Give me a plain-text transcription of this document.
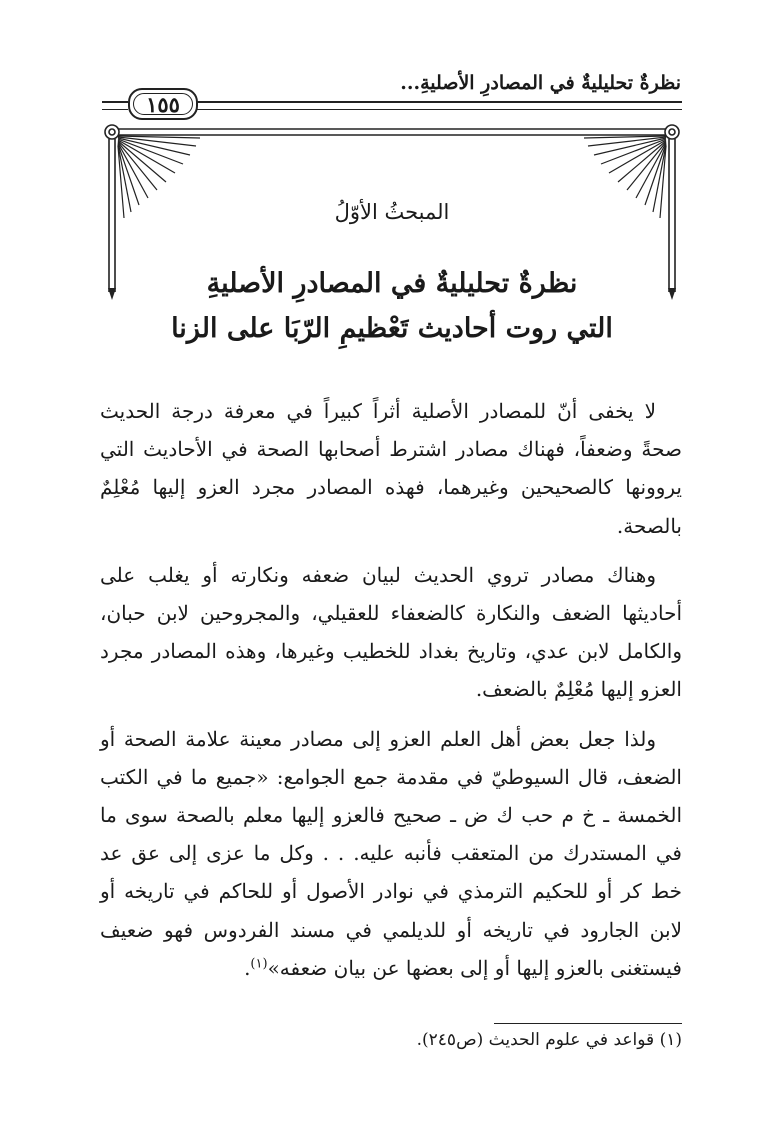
نظرةٌ تحليليةٌ في المصادرِ الأصليةِ...
١٥٥
المبحثُ الأوّلُ
نظرةٌ تحليليةٌ في المصادرِ الأصليةِ
التي روت أحاديث تَعْظيمِ الرّبَا على الزنا

لا يخفى أنّ للمصادر الأصلية أثراً كبيراً في معرفة درجة الحديث صحةً وضعفاً، فهناك مصادر اشترط أصحابها الصحة في الأحاديث التي يروونها كالصحيحين وغيرهما، فهذه المصادر مجرد العزو إليها مُعْلِمٌ بالصحة.

وهناك مصادر تروي الحديث لبيان ضعفه ونكارته أو يغلب على أحاديثها الضعف والنكارة كالضعفاء للعقيلي، والمجروحين لابن حبان، والكامل لابن عدي، وتاريخ بغداد للخطيب وغيرها، وهذه المصادر مجرد العزو إليها مُعْلِمٌ بالضعف.

ولذا جعل بعض أهل العلم العزو إلى مصادر معينة علامة الصحة أو الضعف، قال السيوطيّ في مقدمة جمع الجوامع: «جميع ما في الكتب الخمسة ـ خ م حب ك ض ـ صحيح فالعزو إليها معلم بالصحة سوى ما في المستدرك من المتعقب فأنبه عليه. . . وكل ما عزى إلى عق عد خط كر أو للحكيم الترمذي في نوادر الأصول أو للحاكم في تاريخه أو لابن الجارود في تاريخه أو للديلمي في مسند الفردوس فهو ضعيف فيستغنى بالعزو إليها أو إلى بعضها عن بيان ضعفه»$^{(١)}$.

(١) قواعد في علوم الحديث (ص٢٤٥).
